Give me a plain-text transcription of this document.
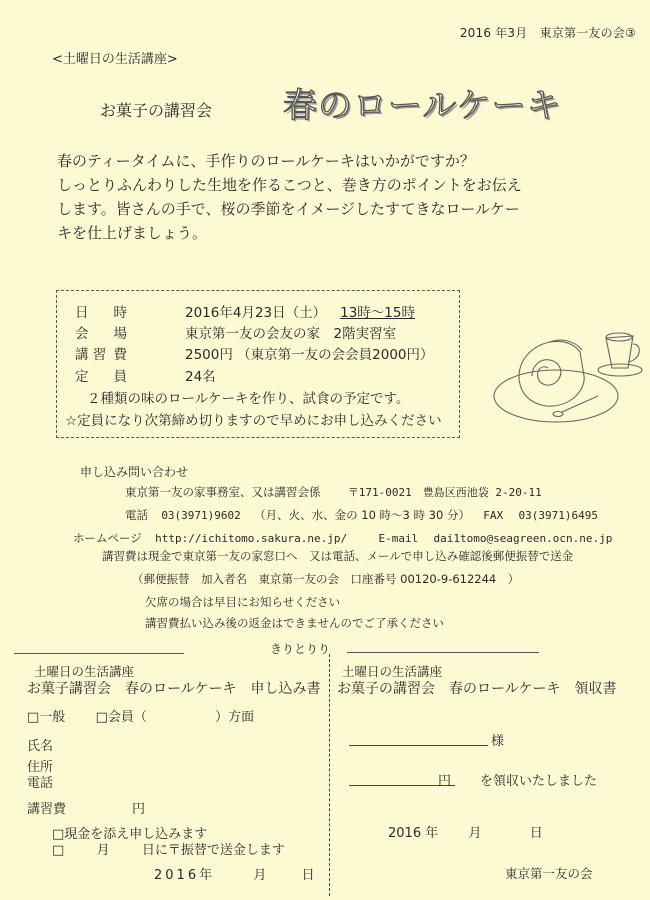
2016 年3月　東京第一友の会③
<土曜日の生活講座>
お菓子の講習会 春のロールケーキ
春のティータイムに、手作りのロールケーキはいかがですか？
しっとりふんわりした生地を作るこつと、巻き方のポイントをお伝え
します。皆さんの手で、桜の季節をイメージしたすてきなロールケー
キを仕上げましょう。
日 時	2016年4月23日（土） 13時～15時
会 場	東京第一友の会友の家　2階実習室
講 習 費	2500円 （東京第一友の会会員2000円）
定 員	24名
２種類の味のロールケーキを作り、試食の予定です。
☆定員になり次第締め切りますので早めにお申し込みください
申し込み問い合わせ
東京第一友の家事務室、又は講習会係 〒171-0021　豊島区西池袋 2-20-11
電話 03(3971)9602 （月、火、水、金の 10 時～3 時 30 分） FAX 03(3971)6495
ホームページ http://ichitomo.sakura.ne.jp/	E-mail dai1tomo@seagreen.ocn.ne.jp
講習費は現金で東京第一友の家窓口へ　又は電話、メールで申し込み確認後郵便振替で送金
（郵便振替　加入者名　東京第一友の会　口座番号 00120-9-612244　）
欠席の場合は早目にお知らせください
講習費払い込み後の返金はできませんのでご了承ください
きりとりり
土曜日の生活講座
お菓子講習会　春のロールケーキ　申し込み書
□一般 □会員（	）方面
氏名
住所
電話
講習費	円
□現金を添え申し込みます
□ 月 日に〒振替で送金します
2016年	月 日
土曜日の生活講座
お菓子の講習会　春のロールケーキ　領収書
様
円 を領収いたしました
2016 年 月	日
東京第一友の会
